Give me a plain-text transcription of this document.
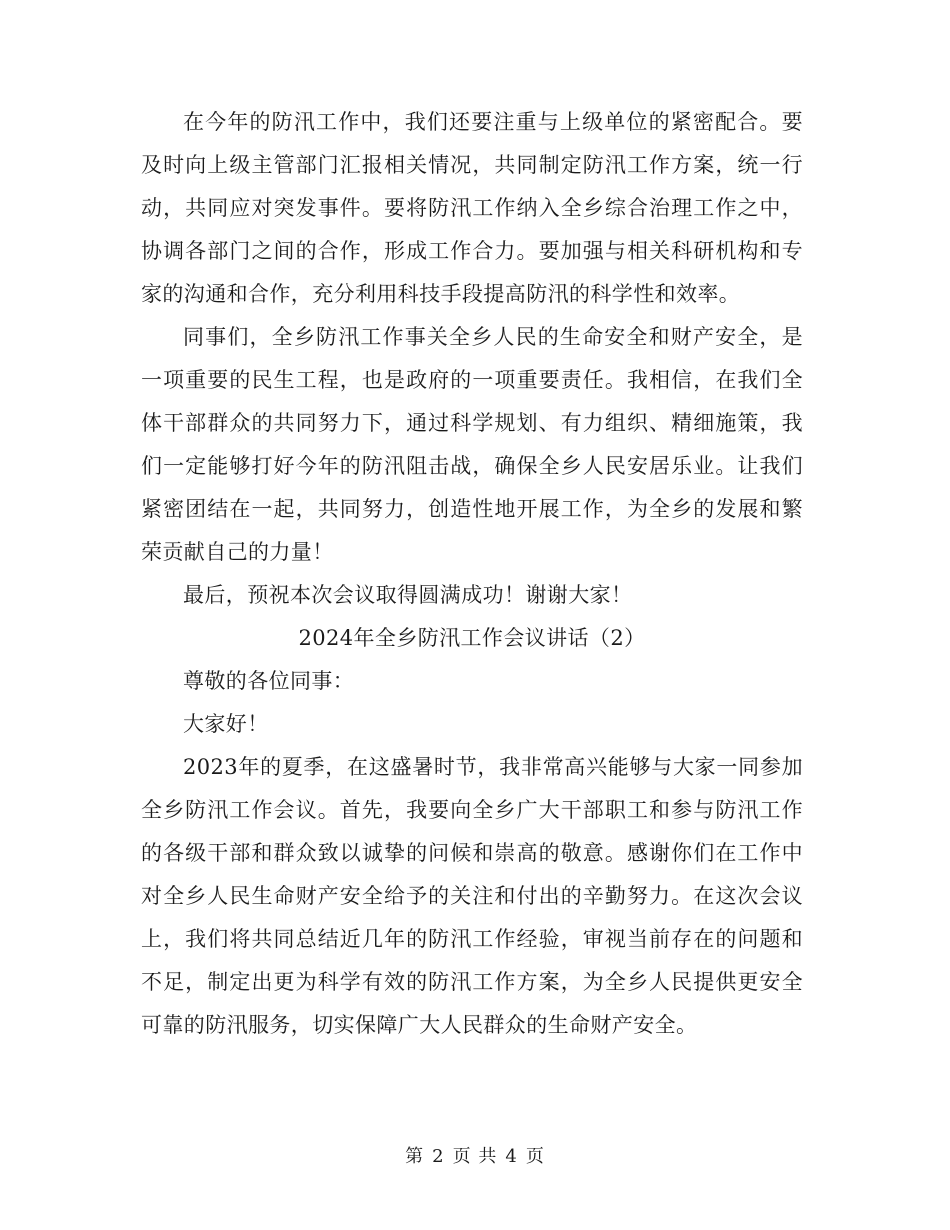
在今年的防汛工作中，我们还要注重与上级单位的紧密配合。要及时向上级主管部门汇报相关情况，共同制定防汛工作方案，统一行动，共同应对突发事件。要将防汛工作纳入全乡综合治理工作之中，协调各部门之间的合作，形成工作合力。要加强与相关科研机构和专家的沟通和合作，充分利用科技手段提高防汛的科学性和效率。

同事们，全乡防汛工作事关全乡人民的生命安全和财产安全，是一项重要的民生工程，也是政府的一项重要责任。我相信，在我们全体干部群众的共同努力下，通过科学规划、有力组织、精细施策，我们一定能够打好今年的防汛阻击战，确保全乡人民安居乐业。让我们紧密团结在一起，共同努力，创造性地开展工作，为全乡的发展和繁荣贡献自己的力量！

最后，预祝本次会议取得圆满成功！谢谢大家！

2024年全乡防汛工作会议讲话（2）

尊敬的各位同事：

大家好！

2023年的夏季，在这盛暑时节，我非常高兴能够与大家一同参加全乡防汛工作会议。首先，我要向全乡广大干部职工和参与防汛工作的各级干部和群众致以诚挚的问候和崇高的敬意。感谢你们在工作中对全乡人民生命财产安全给予的关注和付出的辛勤努力。在这次会议上，我们将共同总结近几年的防汛工作经验，审视当前存在的问题和不足，制定出更为科学有效的防汛工作方案，为全乡人民提供更安全可靠的防汛服务，切实保障广大人民群众的生命财产安全。

第 2 页 共 4 页
